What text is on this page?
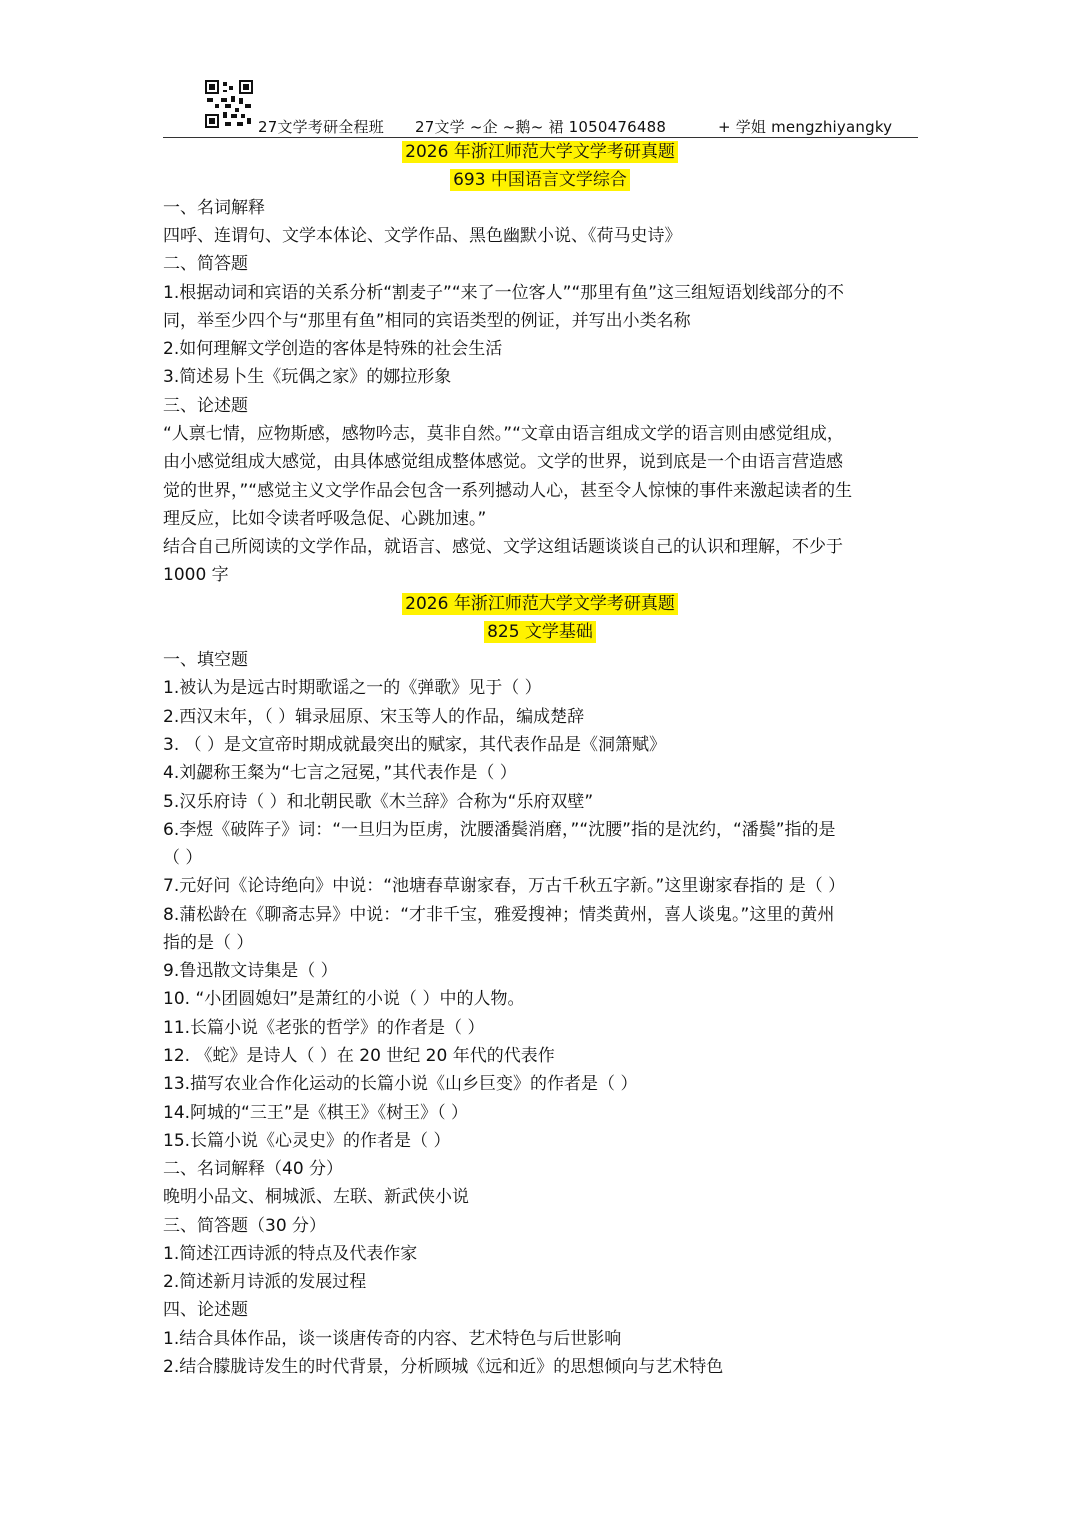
27文学考研全程班

27文学 ~企 ~鹅~ 裙 1050476488

	+ 学姐 mengzhiyangky

2026 年浙江师范大学文学考研真题
693 中国语言文学综合
一、名词解释
四呼、连谓句、文学本体论、文学作品、黑色幽默小说、《荷马史诗》
二、简答题
1.根据动词和宾语的关系分析“割麦子”“来了一位客人”“那里有鱼”这三组短语划线部分的不
同，举至少四个与“那里有鱼”相同的宾语类型的例证，并写出小类名称
2.如何理解文学创造的客体是特殊的社会生活
3.简述易卜生《玩偶之家》的娜拉形象
三、论述题
“人禀七情，应物斯感，感物吟志，莫非自然。”“文章由语言组成文学的语言则由感觉组成，
由小感觉组成大感觉，由具体感觉组成整体感觉。文学的世界，说到底是一个由语言营造感
觉的世界，”“感觉主义文学作品会包含一系列撼动人心，甚至令人惊悚的事件来激起读者的生
理反应，比如令读者呼吸急促、心跳加速。”
结合自己所阅读的文学作品，就语言、感觉、文学这组话题谈谈自己的认识和理解，不少于
1000 字
2026 年浙江师范大学文学考研真题
825 文学基础
一、填空题
1.被认为是远古时期歌谣之一的《弹歌》见于（ ）
2.西汉末年，（ ）辑录屈原、宋玉等人的作品，编成楚辞
3. （ ）是文宣帝时期成就最突出的赋家，其代表作品是《洞箫赋》
4.刘勰称王粲为“七言之冠冕，”其代表作是（ ）
5.汉乐府诗（ ）和北朝民歌《木兰辞》合称为“乐府双壁”
6.李煜《破阵子》词：“一旦归为臣虏，沈腰潘鬓消磨，”“沈腰”指的是沈约，“潘鬓”指的是
（ ）
7.元好问《论诗绝向》中说：“池塘春草谢家春，万古千秋五字新。”这里谢家春指的 是（ ）
8.蒲松龄在《聊斋志异》中说：“才非千宝，雅爱搜神；情类黄州，喜人谈鬼。”这里的黄州
指的是（ ）
9.鲁迅散文诗集是（ ）
10. “小团圆媳妇”是萧红的小说（ ）中的人物。
11.长篇小说《老张的哲学》的作者是（ ）
12. 《蛇》是诗人（ ）在 20 世纪 20 年代的代表作
13.描写农业合作化运动的长篇小说《山乡巨变》的作者是（ ）
14.阿城的“三王”是《棋王》《树王》（ ）
15.长篇小说《心灵史》的作者是（ ）
二、名词解释（40 分）
晚明小品文、桐城派、左联、新武侠小说
三、简答题（30 分）
1.简述江西诗派的特点及代表作家
2.简述新月诗派的发展过程
四、论述题
1.结合具体作品，谈一谈唐传奇的内容、艺术特色与后世影响
2.结合朦胧诗发生的时代背景，分析顾城《远和近》的思想倾向与艺术特色
